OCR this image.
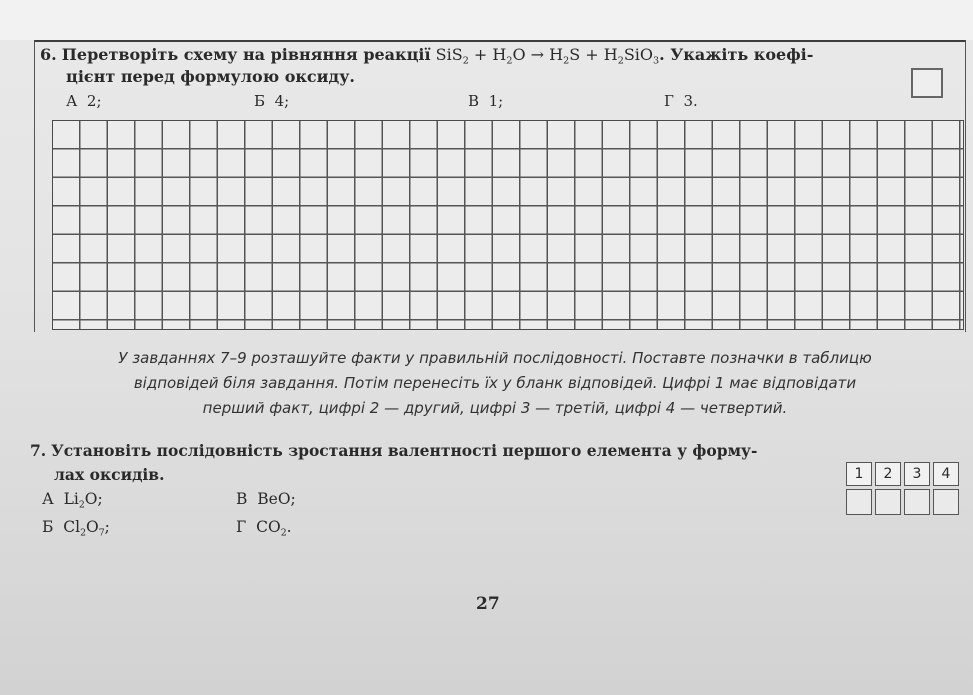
6. Перетворіть схему на рівняння реакції $SiS_2 + H_2O \to H_2S + H_2SiO_3$. Укажіть коефі-
цієнт перед формулою оксиду.
А 2;	Б 4;	В 1;	Г 3.
У завданнях 7–9 розташуйте факти у правильній послідовності. Поставте позначки в таблицю
відповідей біля завдання. Потім перенесіть їх у бланк відповідей. Цифрі 1 має відповідати
перший факт, цифрі 2 — другий, цифрі 3 — третій, цифрі 4 — четвертий.
7. Установіть послідовність зростання валентності першого елемента у форму-
лах оксидів.
А $Li_2O$;
Б $Cl_2O_7$;
В BeO;
Г $CO_2$.
1	2	3	4
27
